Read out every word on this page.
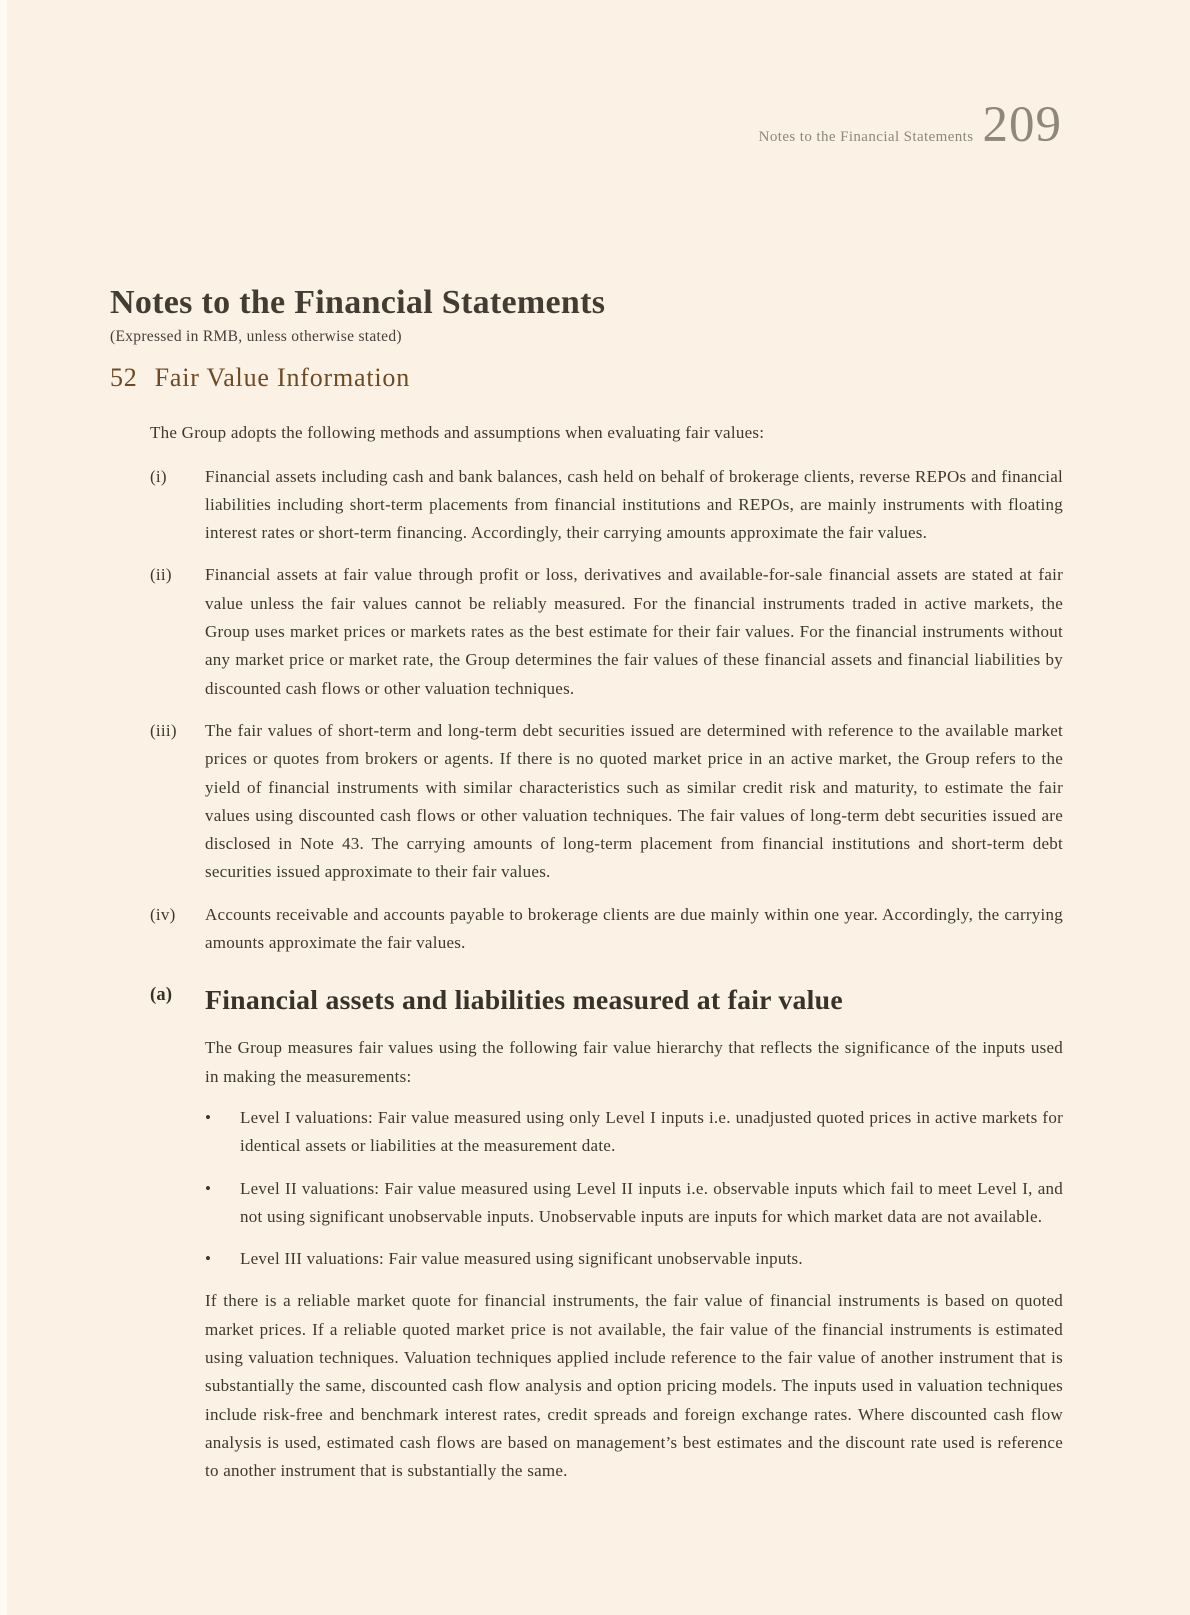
Notes to the Financial Statements 209
Notes to the Financial Statements

(Expressed in RMB, unless otherwise stated)

52 Fair Value Information

The Group adopts the following methods and assumptions when evaluating fair values:

(i)	Financial assets including cash and bank balances, cash held on behalf of brokerage clients, reverse REPOs and financial liabilities including short-term placements from financial institutions and REPOs, are mainly instruments with floating interest rates or short-term financing. Accordingly, their carrying amounts approximate the fair values.

(ii)	Financial assets at fair value through profit or loss, derivatives and available-for-sale financial assets are stated at fair value unless the fair values cannot be reliably measured. For the financial instruments traded in active markets, the Group uses market prices or markets rates as the best estimate for their fair values. For the financial instruments without any market price or market rate, the Group determines the fair values of these financial assets and financial liabilities by discounted cash flows or other valuation techniques.

(iii)	The fair values of short-term and long-term debt securities issued are determined with reference to the available market prices or quotes from brokers or agents. If there is no quoted market price in an active market, the Group refers to the yield of financial instruments with similar characteristics such as similar credit risk and maturity, to estimate the fair values using discounted cash flows or other valuation techniques. The fair values of long-term debt securities issued are disclosed in Note 43. The carrying amounts of long-term placement from financial institutions and short-term debt securities issued approximate to their fair values.

(iv)	Accounts receivable and accounts payable to brokerage clients are due mainly within one year. Accordingly, the carrying amounts approximate the fair values.

(a)	Financial assets and liabilities measured at fair value

The Group measures fair values using the following fair value hierarchy that reflects the significance of the inputs used in making the measurements:

•	Level I valuations: Fair value measured using only Level I inputs i.e. unadjusted quoted prices in active markets for identical assets or liabilities at the measurement date.

•	Level II valuations: Fair value measured using Level II inputs i.e. observable inputs which fail to meet Level I, and not using significant unobservable inputs. Unobservable inputs are inputs for which market data are not available.

•	Level III valuations: Fair value measured using significant unobservable inputs.

If there is a reliable market quote for financial instruments, the fair value of financial instruments is based on quoted market prices. If a reliable quoted market price is not available, the fair value of the financial instruments is estimated using valuation techniques. Valuation techniques applied include reference to the fair value of another instrument that is substantially the same, discounted cash flow analysis and option pricing models. The inputs used in valuation techniques include risk-free and benchmark interest rates, credit spreads and foreign exchange rates. Where discounted cash flow analysis is used, estimated cash flows are based on management’s best estimates and the discount rate used is reference to another instrument that is substantially the same.
